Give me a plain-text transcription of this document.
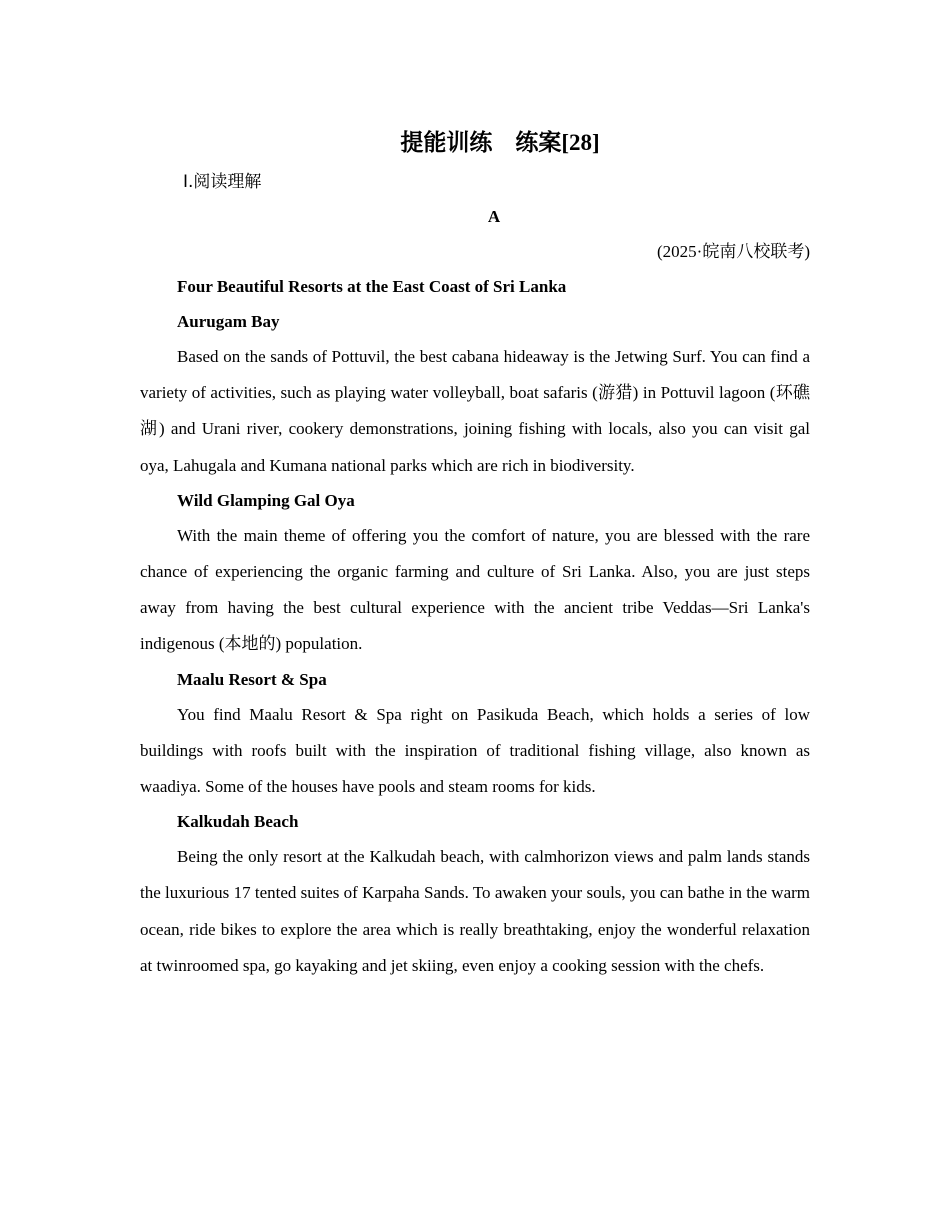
提能训练　练案[28]
Ⅰ.阅读理解
A
(2025·皖南八校联考)
Four Beautiful Resorts at the East Coast of Sri Lanka
Aurugam Bay

Based on the sands of Pottuvil, the best cabana hideaway is the Jetwing Surf. You can find a variety of activities, such as playing water volleyball, boat safaris (游猎) in Pottuvil lagoon (环礁湖) and Urani river, cookery demonstrations, joining fishing with locals, also you can visit gal oya, Lahugala and Kumana national parks which are rich in biodiversity.

Wild Glamping Gal Oya

With the main theme of offering you the comfort of nature, you are blessed with the rare chance of experiencing the organic farming and culture of Sri Lanka. Also, you are just steps away from having the best cultural experience with the ancient tribe Veddas—Sri Lanka's indigenous (本地的) population.

Maalu Resort & Spa

You find Maalu Resort & Spa right on Pasikuda Beach, which holds a series of low buildings with roofs built with the inspiration of traditional fishing village, also known as waadiya. Some of the houses have pools and steam rooms for kids.

Kalkudah Beach

Being the only resort at the Kalkudah beach, with calmhorizon views and palm lands stands the luxurious 17 tented suites of Karpaha Sands. To awaken your souls, you can bathe in the warm ocean, ride bikes to explore the area which is really breathtaking, enjoy the wonderful relaxation at twinroomed spa, go kayaking and jet skiing, even enjoy a cooking session with the chefs.
